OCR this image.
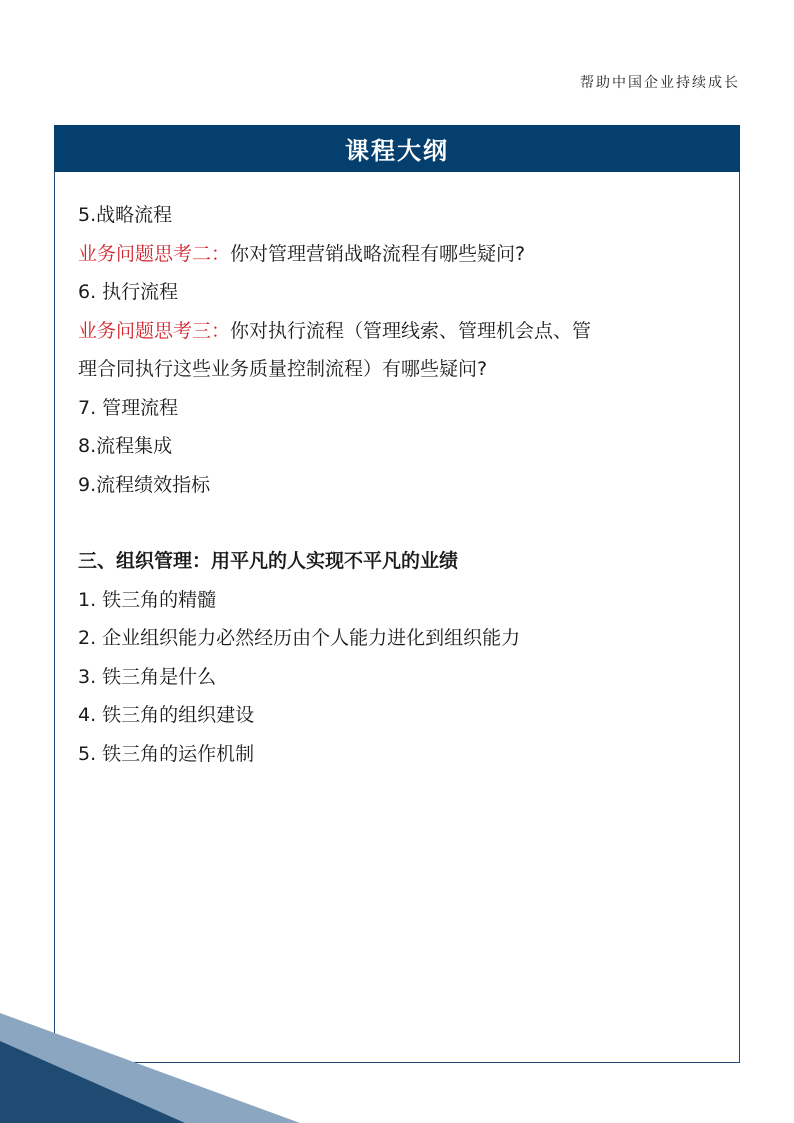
帮助中国企业持续成长
课程大纲
5.战略流程
业务问题思考二：你对管理营销战略流程有哪些疑问?
6. 执行流程
业务问题思考三：你对执行流程（管理线索、管理机会点、管
理合同执行这些业务质量控制流程）有哪些疑问?
7. 管理流程
8.流程集成
9.流程绩效指标
三、组织管理：用平凡的人实现不平凡的业绩
1. 铁三角的精髓
2. 企业组织能力必然经历由个人能力进化到组织能力
3. 铁三角是什么
4. 铁三角的组织建设
5. 铁三角的运作机制
